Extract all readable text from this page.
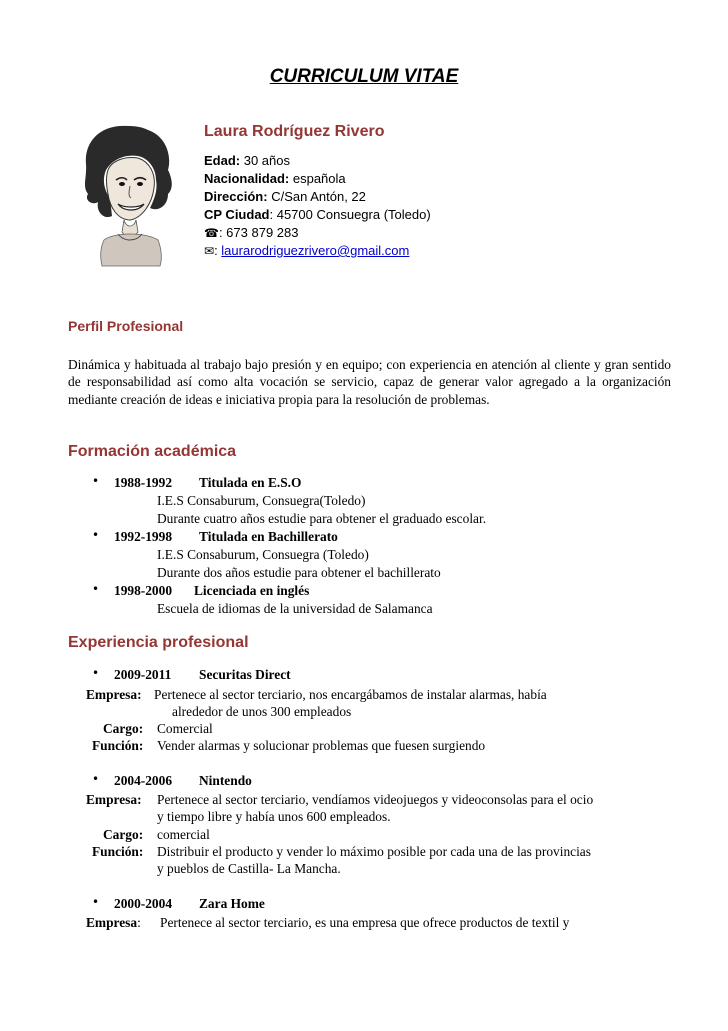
CURRICULUM VITAE
Laura Rodríguez Rivero
Edad: 30 años
Nacionalidad: española
Dirección: C/San Antón, 22
CP Ciudad: 45700 Consuegra (Toledo)
☎: 673 879 283
✉: laurarodriguezrivero@gmail.com
Perfil Profesional
Dinámica y habituada al trabajo bajo presión y en equipo; con experiencia en atención al cliente y gran sentido de responsabilidad así como alta vocación se servicio, capaz de generar valor agregado a la organización mediante creación de ideas e iniciativa propia para la resolución de problemas.
Formación académica
• 1988-1992 Titulada en E.S.O
I.E.S Consaburum, Consuegra(Toledo)
Durante cuatro años estudie para obtener el graduado escolar.
• 1992-1998 Titulada en Bachillerato
I.E.S Consaburum, Consuegra (Toledo)
Durante dos años estudie para obtener el bachillerato
• 1998-2000 Licenciada en inglés
Escuela de idiomas de la universidad de Salamanca
Experiencia profesional
• 2009-2011 Securitas Direct
Empresa: Pertenece al sector terciario, nos encargábamos de instalar alarmas, había
alrededor de unos 300 empleados
Cargo: Comercial
Función: Vender alarmas y solucionar problemas que fuesen surgiendo
• 2004-2006 Nintendo
Empresa: Pertenece al sector terciario, vendíamos videojuegos y videoconsolas para el ocio
y tiempo libre y había unos 600 empleados.
Cargo: comercial
Función: Distribuir el producto y vender lo máximo posible por cada una de las provincias
y pueblos de Castilla- La Mancha.
• 2000-2004 Zara Home
Empresa: Pertenece al sector terciario, es una empresa que ofrece productos de textil y
